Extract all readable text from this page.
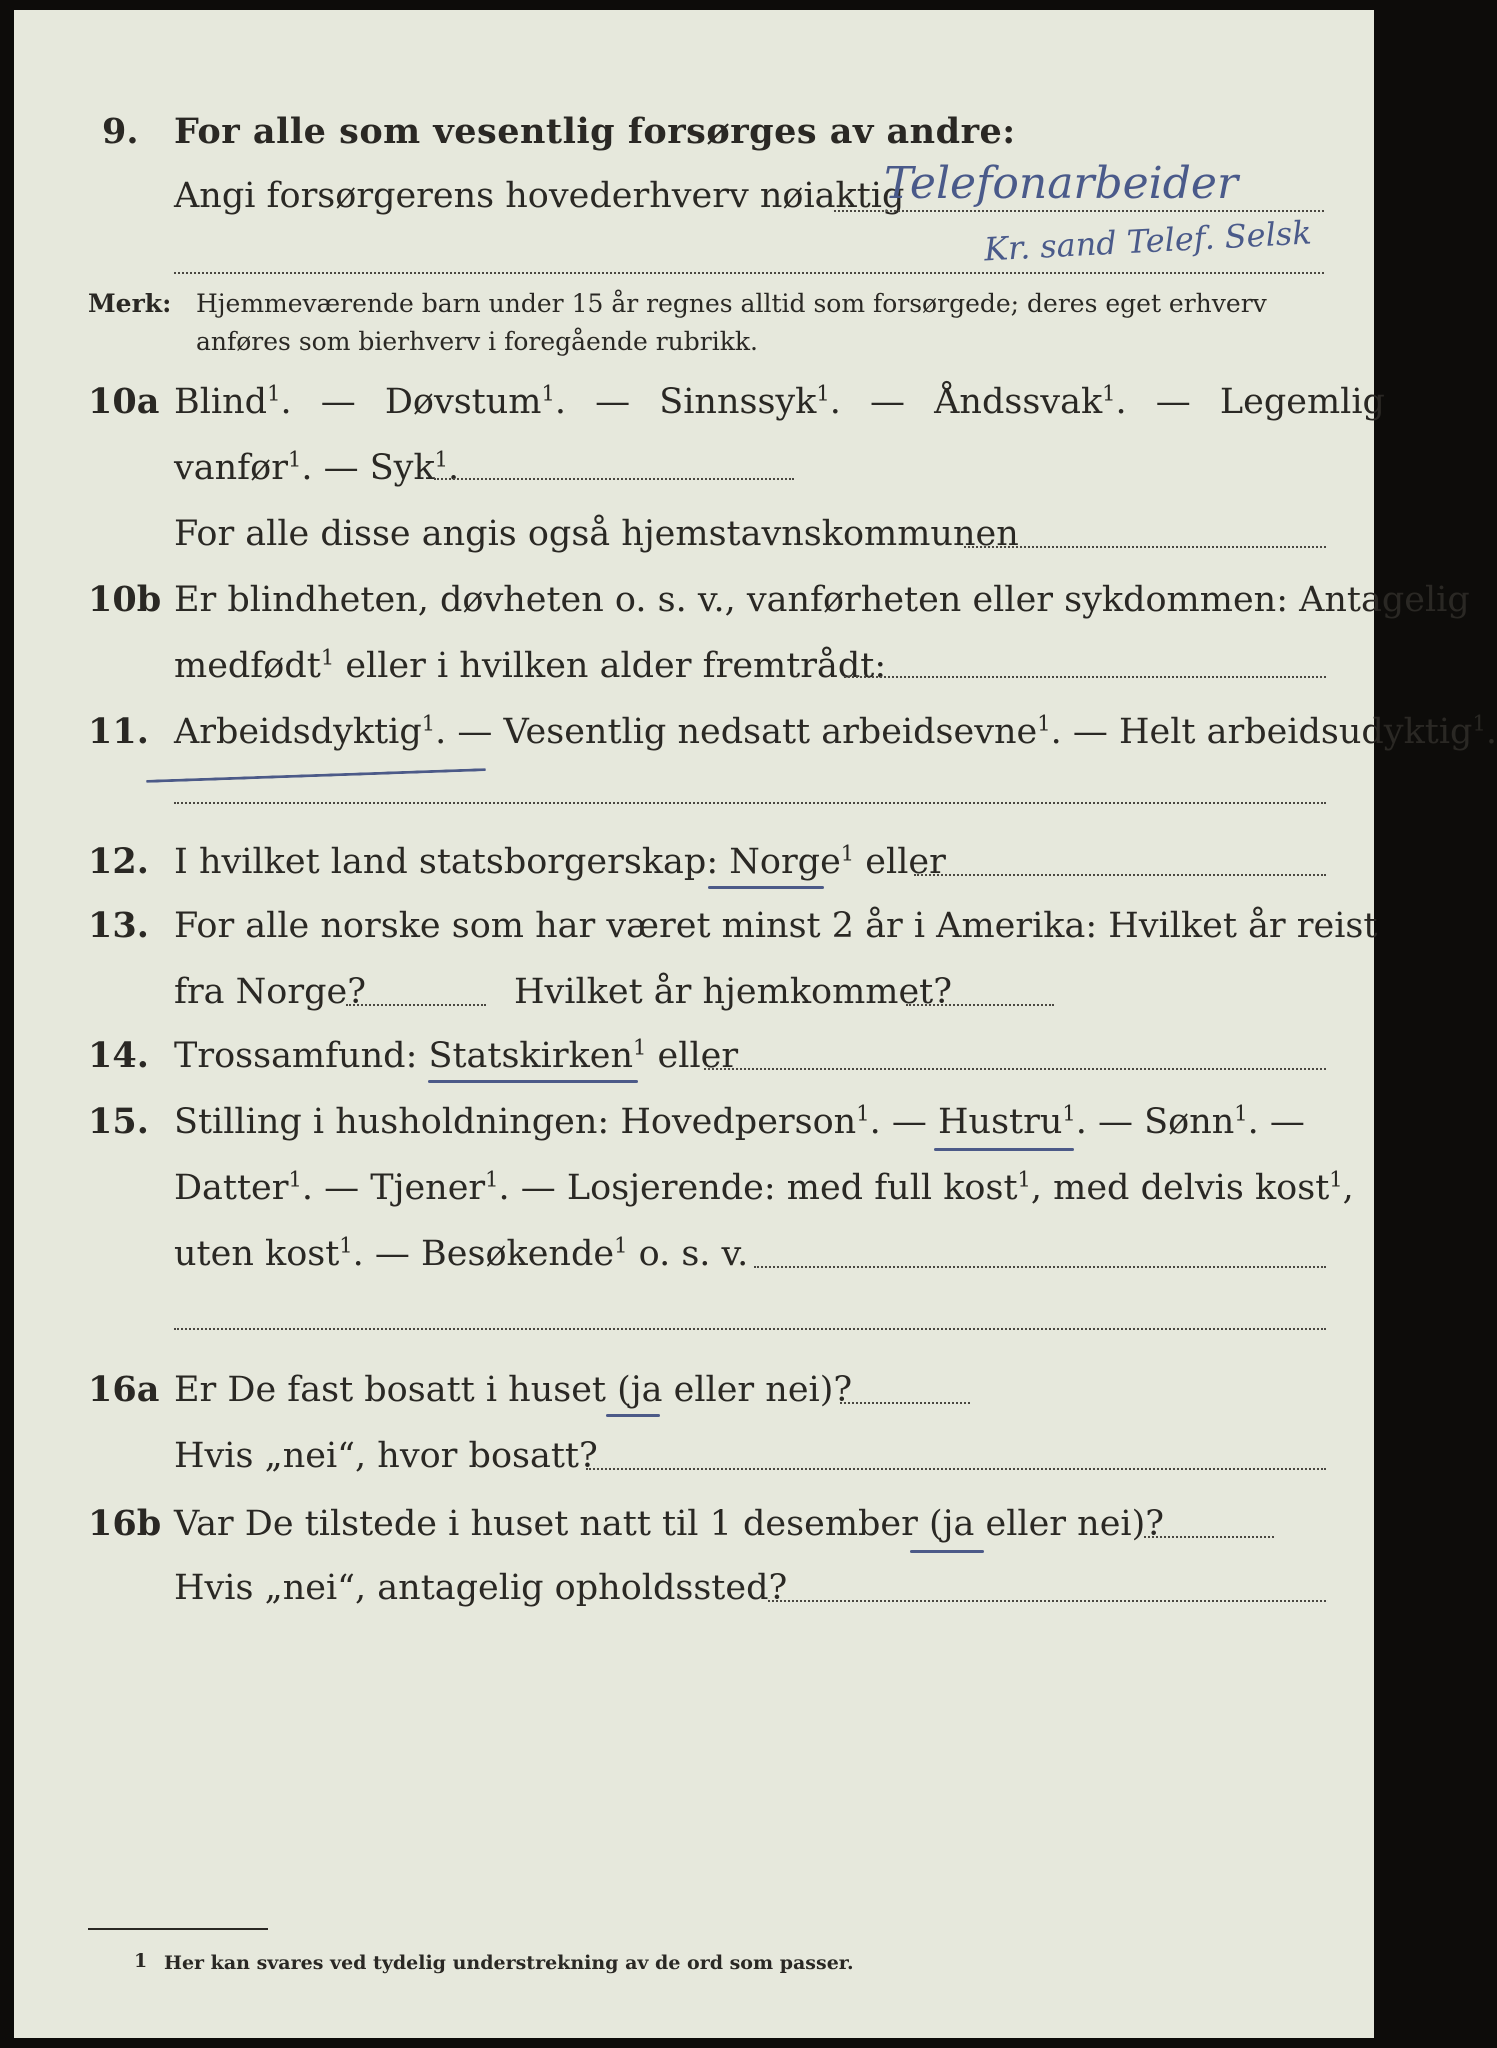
9. For alle som vesentlig forsørges av andre:
Angi forsørgerens hovederhverv nøiaktig
Telefonarbeider
Kr. sand Telef. Selsk
Merk: Hjemmeværende barn under 15 år regnes alltid som forsørgede; deres eget erhverv
anføres som bierhverv i foregående rubrikk.
10a Blind$^1$. — Døvstum$^1$. — Sinnssyk$^1$. — Åndssvak$^1$. — Legemlig
vanfør$^1$. — Syk$^1$.
For alle disse angis også hjemstavnskommunen
10b Er blindheten, døvheten o. s. v., vanførheten eller sykdommen: Antagelig
medfødt$^1$ eller i hvilken alder fremtrådt:
11. Arbeidsdyktig$^1$. — Vesentlig nedsatt arbeidsevne$^1$. — Helt arbeidsudyktig$^1$.
12. I hvilket land statsborgerskap: Norge$^1$ eller
13. For alle norske som har været minst 2 år i Amerika: Hvilket år reist
fra Norge?	Hvilket år hjemkommet?
14. Trossamfund: Statskirken$^1$ eller
15. Stilling i husholdningen: Hovedperson$^1$. — Hustru$^1$. — Sønn$^1$. —
Datter$^1$. — Tjener$^1$. — Losjerende: med full kost$^1$, med delvis kost$^1$,
uten kost$^1$. — Besøkende$^1$ o. s. v.
16a Er De fast bosatt i huset (ja eller nei)?
Hvis „nei“, hvor bosatt?
16b Var De tilstede i huset natt til 1 desember (ja eller nei)?
Hvis „nei“, antagelig opholdssted?
1 Her kan svares ved tydelig understrekning av de ord som passer.
